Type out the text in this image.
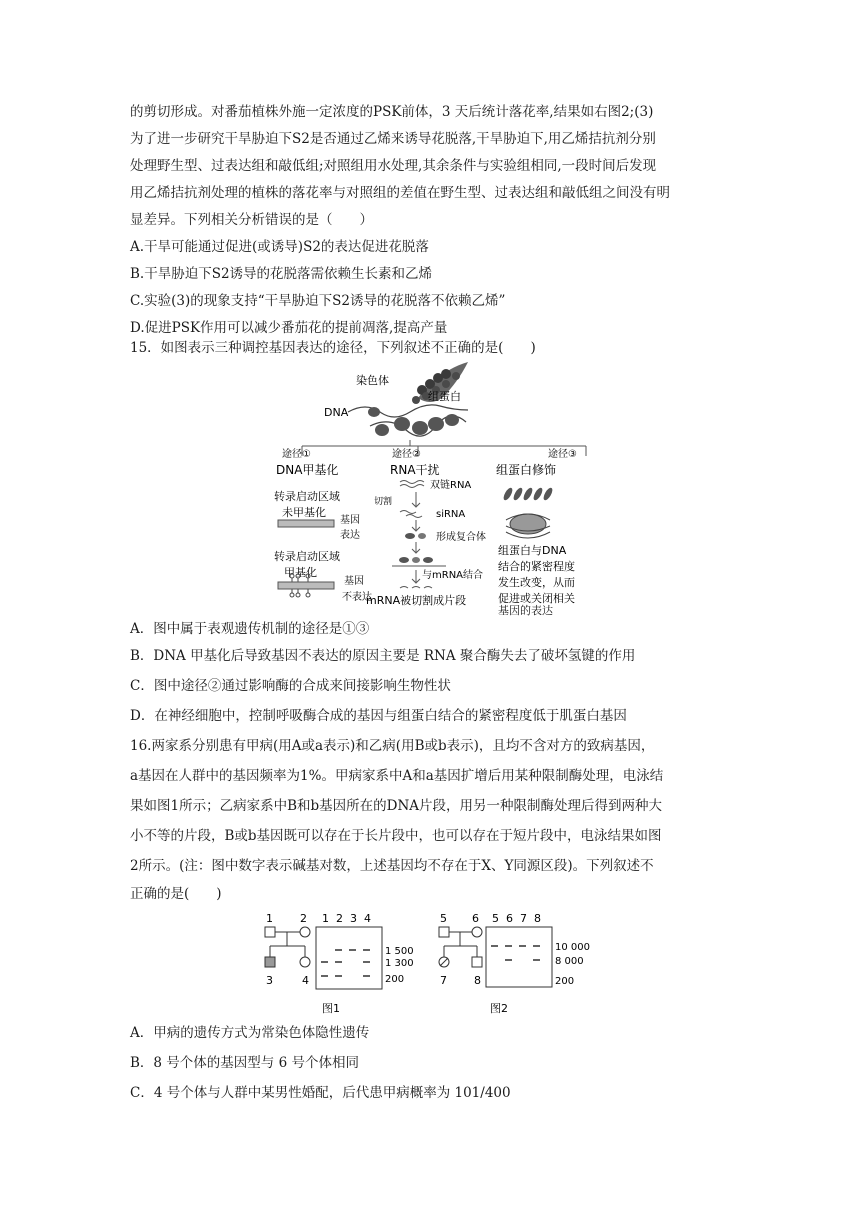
的剪切形成。对番茄植株外施一定浓度的PSK前体，3 天后统计落花率,结果如右图2;(3)
为了进一步研究干旱胁迫下S2是否通过乙烯来诱导花脱落,干旱胁迫下,用乙烯拮抗剂分别
处理野生型、过表达组和敲低组;对照组用水处理,其余条件与实验组相同,一段时间后发现
用乙烯拮抗剂处理的植株的落花率与对照组的差值在野生型、过表达组和敲低组之间没有明
显差异。下列相关分析错误的是（　　）
A.干旱可能通过促进(或诱导)S2的表达促进花脱落
B.干旱胁迫下S2诱导的花脱落需依赖生长素和乙烯
C.实验(3)的现象支持“干旱胁迫下S2诱导的花脱落不依赖乙烯”
D.促进PSK作用可以减少番茄花的提前凋落,提高产量
15．如图表示三种调控基因表达的途径，下列叙述不正确的是(　　)
染色体
DNA
组蛋白
途径①	途径②	途径③
DNA甲基化	RNA干扰	组蛋白修饰
转录启动区域
未甲基化
基因
表达
转录启动区域
甲基化
基因
不表达
双链RNA
切割
siRNA
形成复合体
与mRNA结合
mRNA被切割成片段
组蛋白与DNA
结合的紧密程度
发生改变，从而
促进或关闭相关
基因的表达
A．图中属于表观遗传机制的途径是①③
B．DNA 甲基化后导致基因不表达的原因主要是 RNA 聚合酶失去了破坏氢键的作用
C．图中途径②通过影响酶的合成来间接影响生物性状
D．在神经细胞中，控制呼吸酶合成的基因与组蛋白结合的紧密程度低于肌蛋白基因
16.两家系分别患有甲病(用A或a表示)和乙病(用B或b表示)，且均不含对方的致病基因，
a基因在人群中的基因频率为1%。甲病家系中A和a基因扩增后用某种限制酶处理，电泳结
果如图1所示；乙病家系中B和b基因所在的DNA片段，用另一种限制酶处理后得到两种大
小不等的片段，B或b基因既可以存在于长片段中，也可以存在于短片段中，电泳结果如图
2所示。(注：图中数字表示碱基对数，上述基因均不存在于X、Y同源区段)。下列叙述不
正确的是(　　)
1 2
3	4
1 2 3 4
1 500
1 300
200
图1
5 6
7 8
5 6 7 8
10 000
8 000
200
图2
A．甲病的遗传方式为常染色体隐性遗传
B．8 号个体的基因型与 6 号个体相同
C．4 号个体与人群中某男性婚配，后代患甲病概率为 101/400
